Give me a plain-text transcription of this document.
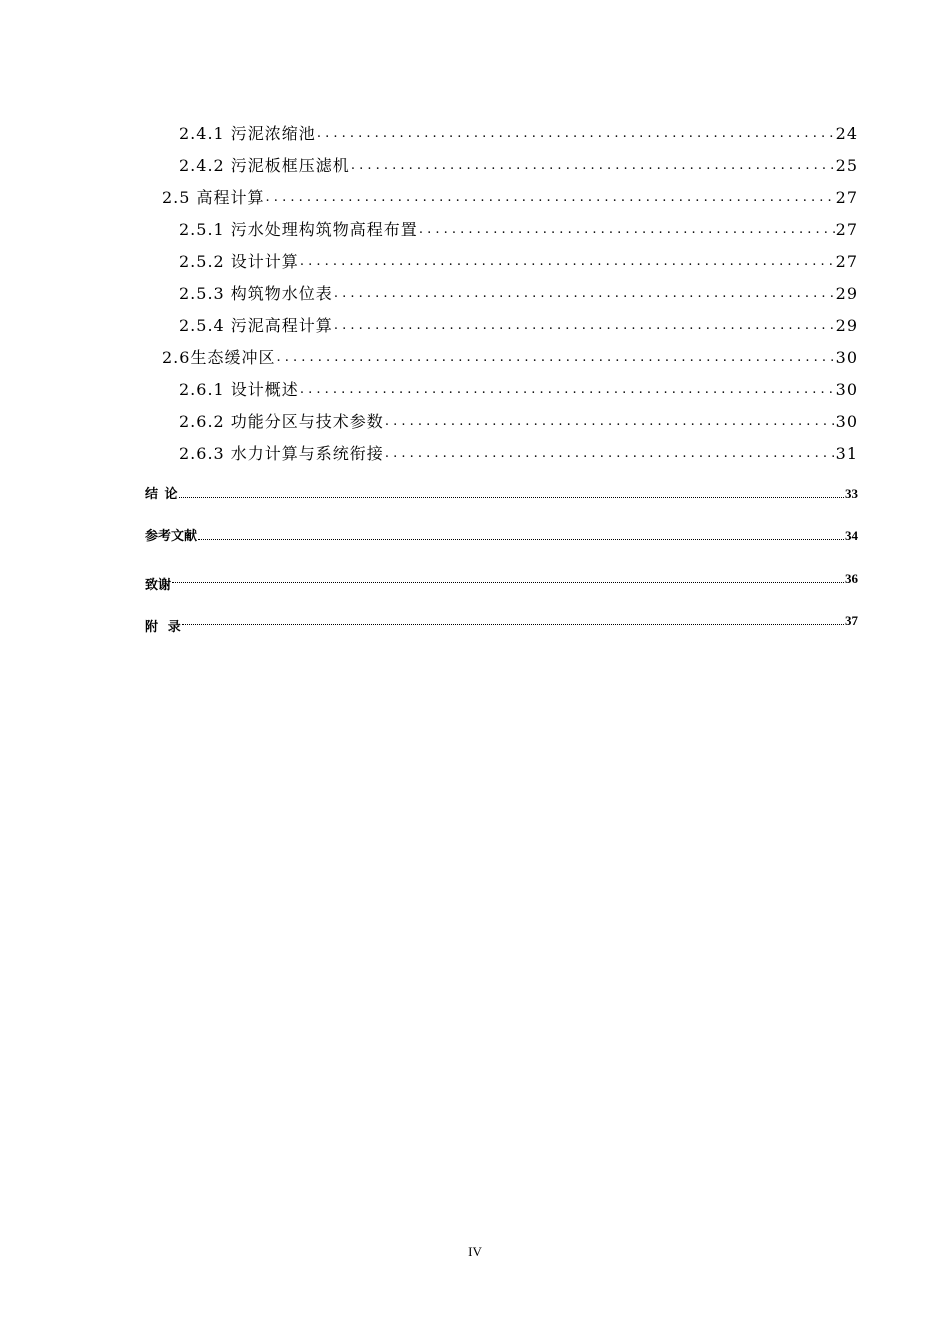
2.4.1 污泥浓缩池 . . .	24
2.4.2 污泥板框压滤机 . . .	25
2.5 高程计算 . . .	27
2.5.1 污水处理构筑物高程布置 . . .	27
2.5.2 设计计算 . . .	27
2.5.3 构筑物水位表 . . .	29
2.5.4 污泥高程计算 . . .	29
2.6生态缓冲区 . . .	30
2.6.1 设计概述 . . .	30
2.6.2 功能分区与技术参数 . . .	30
2.6.3 水力计算与系统衔接 . . .	31
结  论	33
参考文献	34
致谢	36
附   录	37
IV
